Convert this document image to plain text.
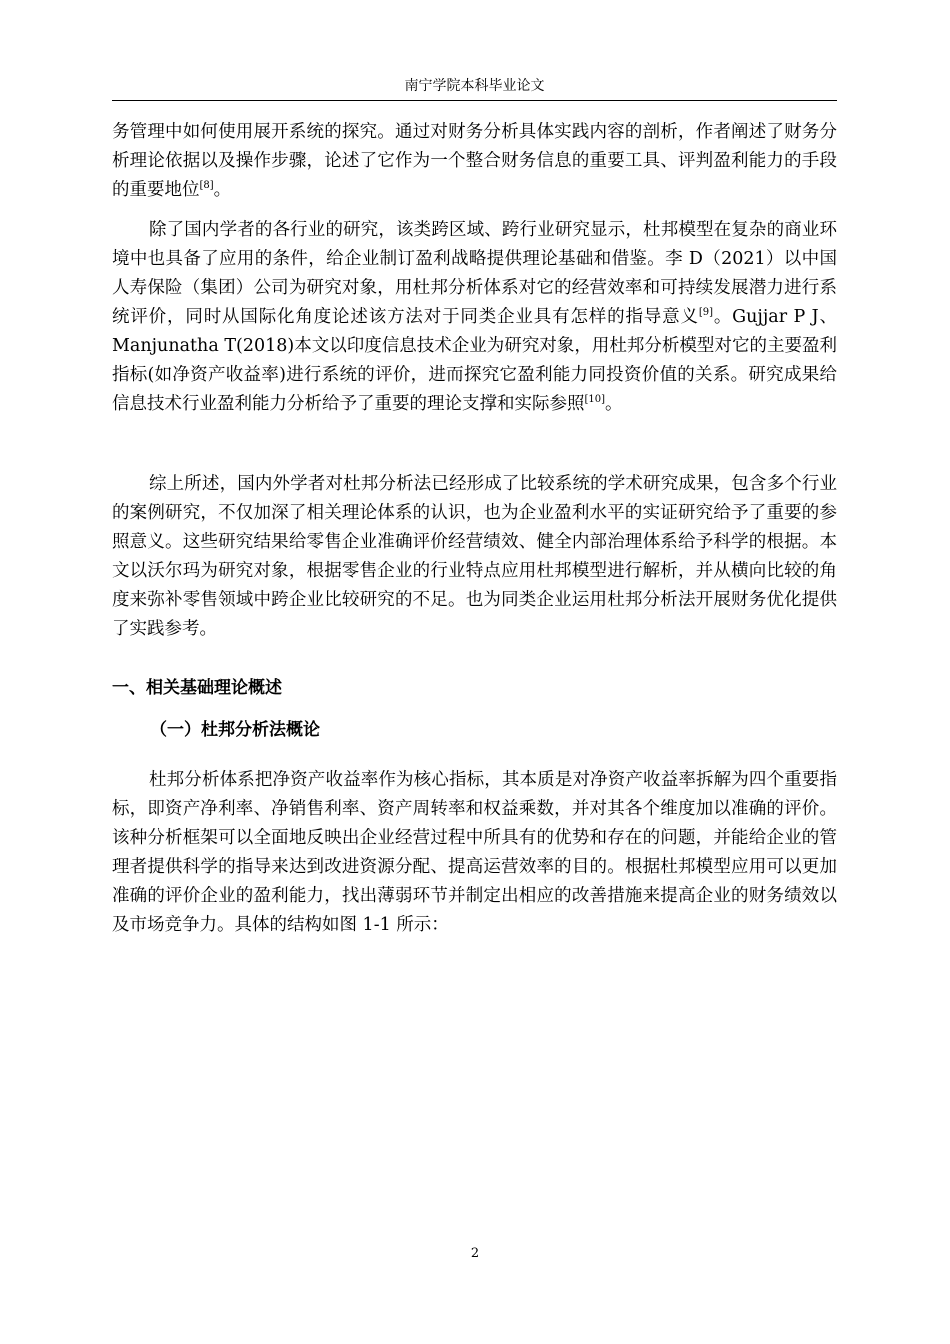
南宁学院本科毕业论文

务管理中如何使用展开系统的探究。通过对财务分析具体实践内容的剖析，作者阐述了财务分析理论依据以及操作步骤，论述了它作为一个整合财务信息的重要工具、评判盈利能力的手段的重要地位[8]。

除了国内学者的各行业的研究，该类跨区域、跨行业研究显示，杜邦模型在复杂的商业环境中也具备了应用的条件，给企业制订盈利战略提供理论基础和借鉴。李 D（2021）以中国人寿保险（集团）公司为研究对象，用杜邦分析体系对它的经营效率和可持续发展潜力进行系统评价，同时从国际化角度论述该方法对于同类企业具有怎样的指导意义[9]。Gujjar P J、Manjunatha T(2018)本文以印度信息技术企业为研究对象，用杜邦分析模型对它的主要盈利指标(如净资产收益率)进行系统的评价，进而探究它盈利能力同投资价值的关系。研究成果给信息技术行业盈利能力分析给予了重要的理论支撑和实际参照[10]。

综上所述，国内外学者对杜邦分析法已经形成了比较系统的学术研究成果，包含多个行业的案例研究，不仅加深了相关理论体系的认识，也为企业盈利水平的实证研究给予了重要的参照意义。这些研究结果给零售企业准确评价经营绩效、健全内部治理体系给予科学的根据。本文以沃尔玛为研究对象，根据零售企业的行业特点应用杜邦模型进行解析，并从横向比较的角度来弥补零售领域中跨企业比较研究的不足。也为同类企业运用杜邦分析法开展财务优化提供了实践参考。

一、相关基础理论概述
（一）杜邦分析法概论

杜邦分析体系把净资产收益率作为核心指标，其本质是对净资产收益率拆解为四个重要指标，即资产净利率、净销售利率、资产周转率和权益乘数，并对其各个维度加以准确的评价。该种分析框架可以全面地反映出企业经营过程中所具有的优势和存在的问题，并能给企业的管理者提供科学的指导来达到改进资源分配、提高运营效率的目的。根据杜邦模型应用可以更加准确的评价企业的盈利能力，找出薄弱环节并制定出相应的改善措施来提高企业的财务绩效以及市场竞争力。具体的结构如图 1-1 所示：

2
